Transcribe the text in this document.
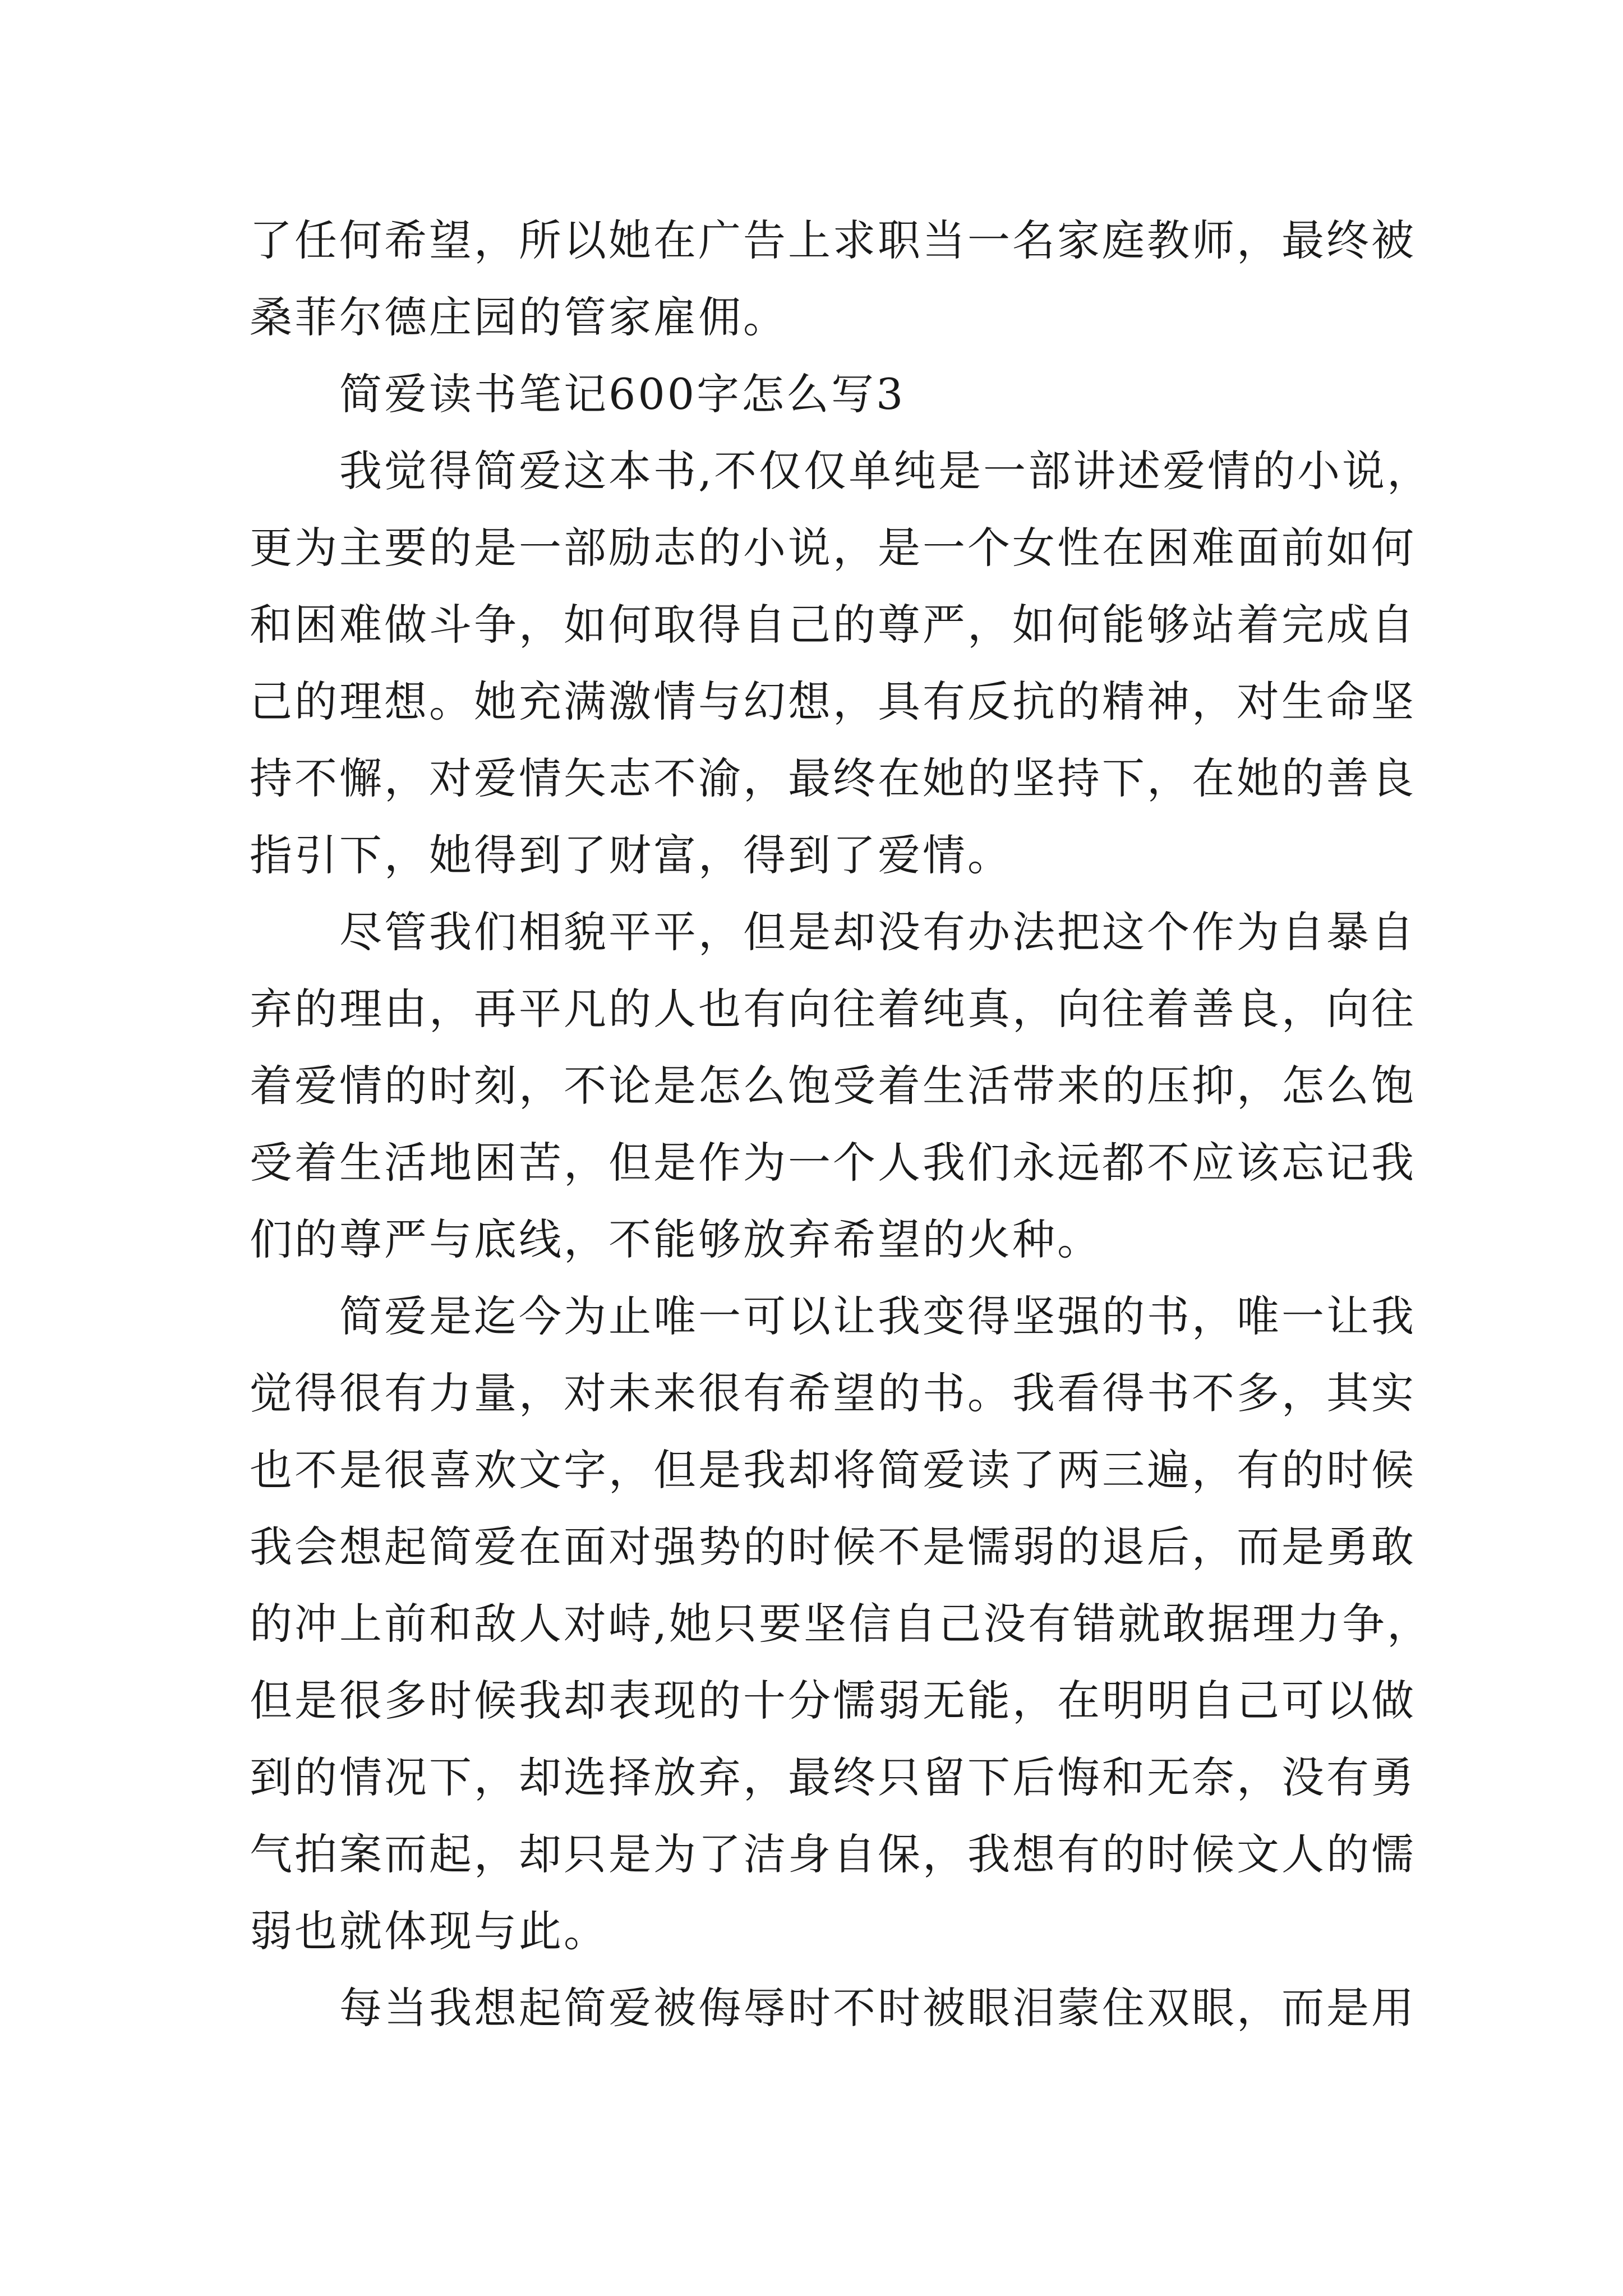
了任何希望，所以她在广告上求职当一名家庭教师，最终被
桑菲尔德庄园的管家雇佣。
简爱读书笔记600字怎么写3
我觉得简爱这本书,不仅仅单纯是一部讲述爱情的小说，
更为主要的是一部励志的小说，是一个女性在困难面前如何
和困难做斗争，如何取得自己的尊严，如何能够站着完成自
己的理想。她充满激情与幻想，具有反抗的精神，对生命坚
持不懈，对爱情矢志不渝，最终在她的坚持下，在她的善良
指引下，她得到了财富，得到了爱情。
尽管我们相貌平平，但是却没有办法把这个作为自暴自
弃的理由，再平凡的人也有向往着纯真，向往着善良，向往
着爱情的时刻，不论是怎么饱受着生活带来的压抑，怎么饱
受着生活地困苦，但是作为一个人我们永远都不应该忘记我
们的尊严与底线，不能够放弃希望的火种。
简爱是迄今为止唯一可以让我变得坚强的书，唯一让我
觉得很有力量，对未来很有希望的书。我看得书不多，其实
也不是很喜欢文字，但是我却将简爱读了两三遍，有的时候
我会想起简爱在面对强势的时候不是懦弱的退后，而是勇敢
的冲上前和敌人对峙,她只要坚信自己没有错就敢据理力争，
但是很多时候我却表现的十分懦弱无能，在明明自己可以做
到的情况下，却选择放弃，最终只留下后悔和无奈，没有勇
气拍案而起，却只是为了洁身自保，我想有的时候文人的懦
弱也就体现与此。
每当我想起简爱被侮辱时不时被眼泪蒙住双眼，而是用
